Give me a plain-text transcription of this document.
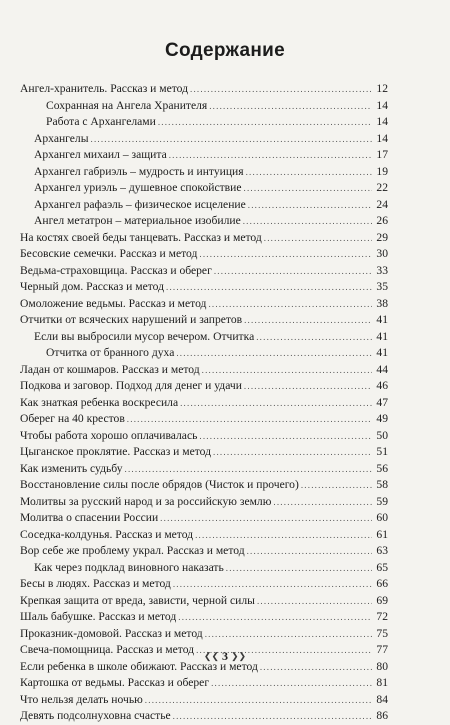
Содержание
Ангел-хранитель. Рассказ и метод .....	12
Сохранная на Ангела Хранителя .....	14
Работа с Архангелами .....	14
Архангелы .....	14
Архангел михаил – защита .....	17
Архангел габриэль – мудрость и интуиция .....	19
Архангел уриэль – душевное спокойствие .....	22
Архангел рафаэль – физическое исцеление .....	24
Ангел метатрон – материальное изобилие .....	26
На костях своей беды танцевать. Рассказ и метод .....	29
Бесовские семечки. Рассказ и метод .....	30
Ведьма-страховщица. Рассказ и оберег .....	33
Черный дом. Рассказ и метод .....	35
Омоложение ведьмы. Рассказ и метод .....	38
Отчитки от всяческих нарушений и запретов .....	41
Если вы выбросили мусор вечером. Отчитка .....	41
Отчитка от бранного духа .....	41
Ладан от кошмаров. Рассказ и метод .....	44
Подкова и заговор. Подход для денег и удачи .....	46
Как знаткая ребенка воскресила .....	47
Оберег на 40 крестов .....	49
Чтобы работа хорошо оплачивалась .....	50
Цыганское проклятие. Рассказ и метод .....	51
Как изменить судьбу .....	56
Восстановление силы после обрядов (Чисток и прочего) .....	58
Молитвы за русский народ и за российскую землю .....	59
Молитва о спасении России .....	60
Соседка-колдунья. Рассказ и метод .....	61
Вор себе же проблему украл. Рассказ и метод .....	63
Как через подклад виновного наказать .....	65
Бесы в людях. Рассказ и метод .....	66
Крепкая защита от вреда, зависти, черной силы .....	69
Шаль бабушке. Рассказ и метод .....	72
Проказник-домовой. Рассказ и метод .....	75
Свеча-помощница. Рассказ и метод .....	77
Если ребенка в школе обижают. Рассказ и метод .....	80
Картошка от ведьмы. Рассказ и оберег .....	81
Что нельзя делать ночью .....	84
Девять подсолнуховна счастье .....	86
❮❮ 3 ❯❯
